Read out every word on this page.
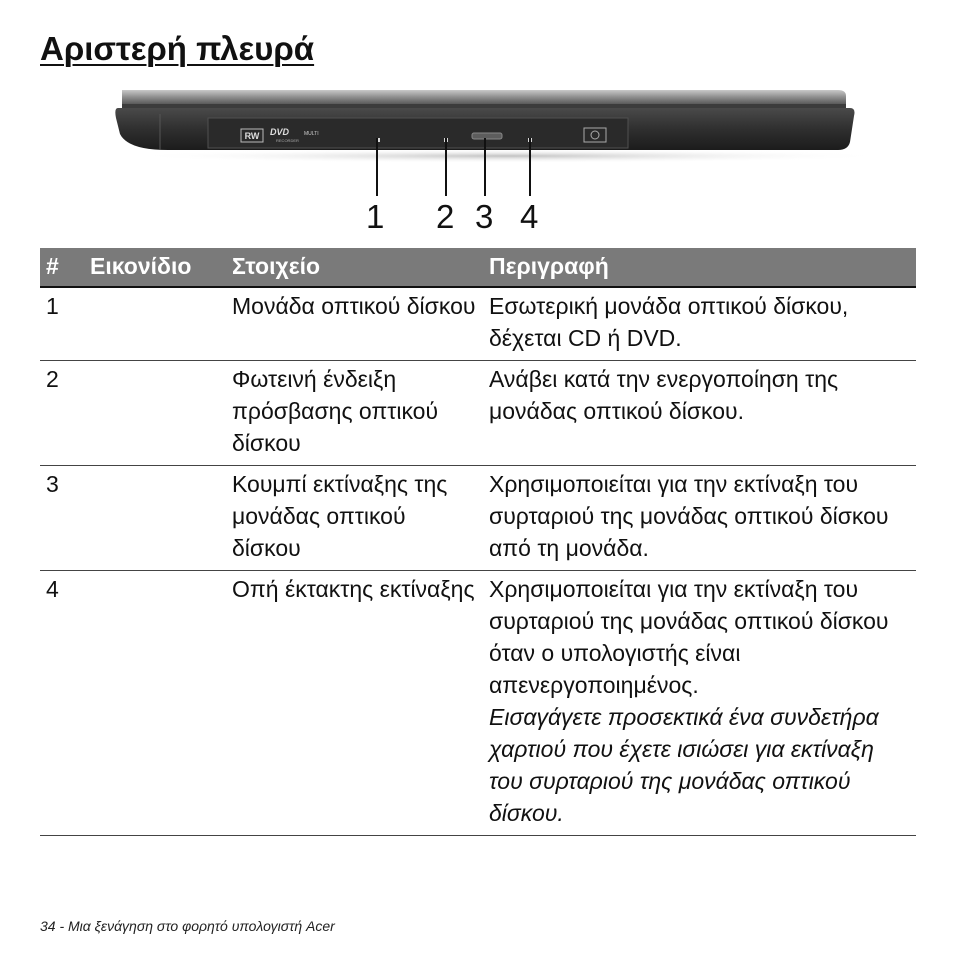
Αριστερή πλευρά
RW DVD	MULTI
RECORDER
1 2 3 4
#	Εικονίδιο	Στοιχείο	Περιγραφή
1		Μονάδα οπτικού δίσκου	Εσωτερική μονάδα οπτικού δίσκου, δέχεται CD ή DVD.
2		Φωτεινή ένδειξη πρόσβασης οπτικού δίσκου	Ανάβει κατά την ενεργοποίηση της μονάδας οπτικού δίσκου.
3		Κουμπί εκτίναξης της μονάδας οπτικού δίσκου	Χρησιμοποιείται για την εκτίναξη του συρταριού της μονάδας οπτικού δίσκου από τη μονάδα.
4		Οπή έκτακτης εκτίναξης	Χρησιμοποιείται για την εκτίναξη του συρταριού της μονάδας οπτικού δίσκου όταν ο υπολογιστής είναι απενεργοποιημένος.
Εισαγάγετε προσεκτικά ένα συνδετήρα χαρτιού που έχετε ισιώσει για εκτίναξη του συρταριού της μονάδας οπτικού δίσκου.
34 - Μια ξενάγηση στο φορητό υπολογιστή Acer
